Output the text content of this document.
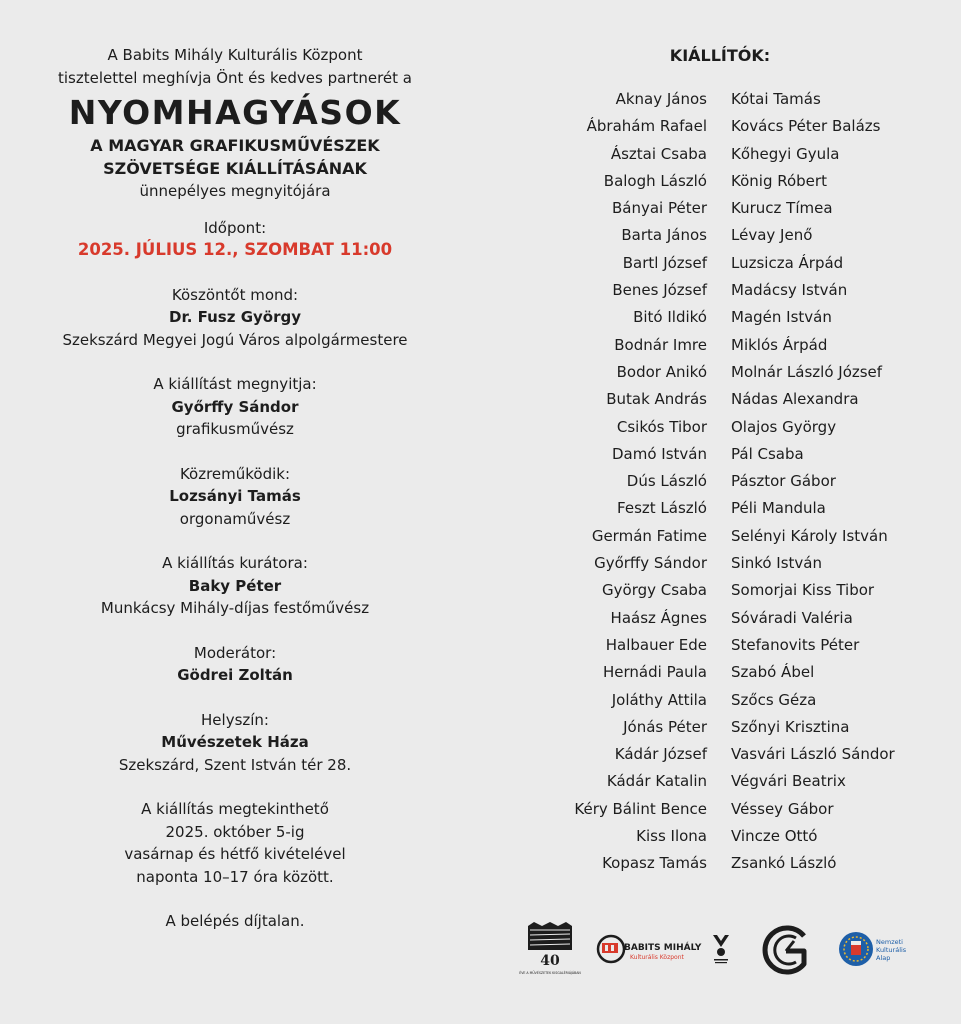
A Babits Mihály Kulturális Központ

tisztelettel meghívja Önt és kedves partnerét a

NYOMHAGYÁSOK

A MAGYAR GRAFIKUSMŰVÉSZEK

SZÖVETSÉGE KIÁLLÍTÁSÁNAK

ünnepélyes megnyitójára

Időpont:

2025. JÚLIUS 12., SZOMBAT 11:00

Köszöntőt mond:

Dr. Fusz György

Szekszárd Megyei Jogú Város alpolgármestere

A kiállítást megnyitja:

Győrffy Sándor

grafikusművész

Közreműködik:

Lozsányi Tamás

orgonaművész

A kiállítás kurátora:

Baky Péter

Munkácsy Mihály-díjas festőművész

Moderátor:

Gödrei Zoltán

Helyszín:

Művészetek Háza

Szekszárd, Szent István tér 28.

A kiállítás megtekinthető

2025. október 5-ig

vasárnap és hétfő kivételével

naponta 10–17 óra között.

A belépés díjtalan.

KIÁLLÍTÓK:
Aknay János
Ábrahám Rafael
Ásztai Csaba
Balogh László
Bányai Péter
Barta János
Bartl József
Benes József
Bitó Ildikó
Bodnár Imre
Bodor Anikó
Butak András
Csikós Tibor
Damó István
Dús László
Feszt László
Germán Fatime
Győrffy Sándor
György Csaba
Haász Ágnes
Halbauer Ede
Hernádi Paula
Joláthy Attila
Jónás Péter
Kádár József
Kádár Katalin
Kéry Bálint Bence
Kiss Ilona
Kopasz Tamás
Kótai Tamás
Kovács Péter Balázs
Kőhegyi Gyula
König Róbert
Kurucz Tímea
Lévay Jenő
Luzsicza Árpád
Madácsy István
Magén István
Miklós Árpád
Molnár László József
Nádas Alexandra
Olajos György
Pál Csaba
Pásztor Gábor
Péli Mandula
Selényi Károly István
Sinkó István
Somorjai Kiss Tibor
Sóváradi Valéria
Stefanovits Péter
Szabó Ábel
Szőcs Géza
Szőnyi Krisztina
Vasvári László Sándor
Végvári Beatrix
Véssey Gábor
Vincze Ottó
Zsankó László
40
ÉVE A MŰVÉSZETEK KISGALÉRIÁJÁBAN
BABITS MIHÁLY
Kulturális Központ
Nemzeti
Kulturális
Alap
